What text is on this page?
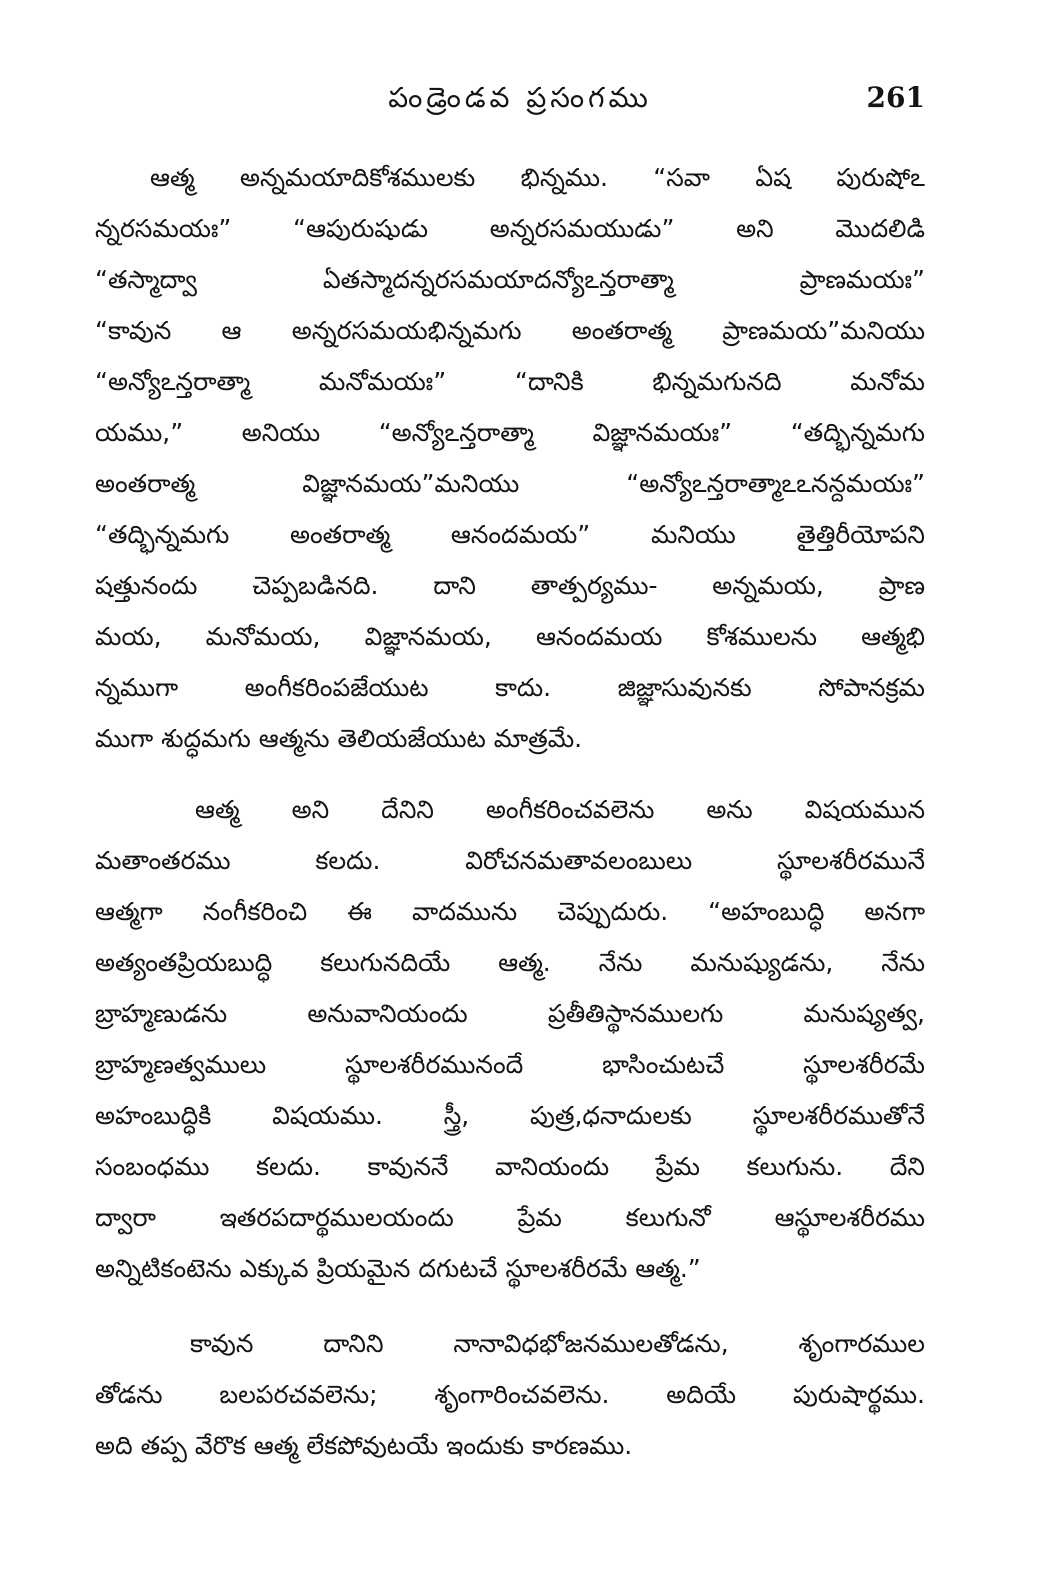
పండ్రెండవ ప్రసంగము	261
ఆత్మ అన్నమయాదికోశములకు భిన్నము. “సవా ఏష పురుషోఽ
న్నరసమయః” “ఆపురుషుడు అన్నరసమయుడు” అని మొదలిడి
“తస్మాద్వా ఏతస్మాదన్నరసమయాదన్యోఽన్తరాత్మా ప్రాణమయః”
“కావున ఆ అన్నరసమయభిన్నమగు అంతరాత్మ ప్రాణమయ”మనియు
“అన్యోఽన్తరాత్మా మనోమయః” “దానికి భిన్నమగునది మనోమ
యము,” అనియు “అన్యోఽన్తరాత్మా విజ్ఞానమయః” “తద్భిన్నమగు
అంతరాత్మ విజ్ఞానమయ”మనియు “అన్యోఽన్తరాత్మాఽఽనన్దమయః”
“తద్భిన్నమగు అంతరాత్మ ఆనందమయ” మనియు తైత్తిరీయోపని
షత్తునందు చెప్పబడినది. దాని తాత్పర్యము- అన్నమయ, ప్రాణ
మయ, మనోమయ, విజ్ఞానమయ, ఆనందమయ కోశములను ఆత్మభి
న్నముగా అంగీకరింపజేయుట కాదు. జిజ్ఞాసువునకు సోపానక్రమ
ముగా శుద్ధమగు ఆత్మను తెలియజేయుట మాత్రమే.
ఆత్మ అని దేనిని అంగీకరించవలెను అను విషయమున
మతాంతరము కలదు. విరోచనమతావలంబులు స్థూలశరీరమునే
ఆత్మగా నంగీకరించి ఈ వాదమును చెప్పుదురు. “అహంబుద్ధి అనగా
అత్యంతప్రియబుద్ధి కలుగునదియే ఆత్మ. నేను మనుష్యుడను, నేను
బ్రాహ్మణుడను అనువానియందు ప్రతీతిస్థానములగు మనుష్యత్వ,
బ్రాహ్మణత్వములు స్థూలశరీరమునందే భాసించుటచే స్థూలశరీరమే
అహంబుద్ధికి విషయము. స్త్రీ, పుత్ర,ధనాదులకు స్థూలశరీరముతోనే
సంబంధము కలదు. కావుననే వానియందు ప్రేమ కలుగును. దేని
ద్వారా ఇతరపదార్థములయందు ప్రేమ కలుగునో ఆస్థూలశరీరము
అన్నిటికంటెను ఎక్కువ ప్రియమైన దగుటచే స్థూలశరీరమే ఆత్మ.”
కావున దానిని నానావిధభోజనములతోడను, శృంగారముల
తోడను బలపరచవలెను; శృంగారించవలెను. అదియే పురుషార్థము.
అది తప్ప వేరొక ఆత్మ లేకపోవుటయే ఇందుకు కారణము.
